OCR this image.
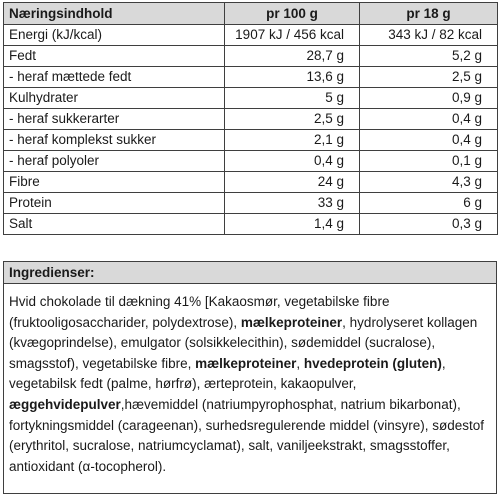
Næringsindhold	pr 100 g	pr 18 g
Energi (kJ/kcal)	1907 kJ / 456 kcal	343 kJ / 82 kcal
Fedt	28,7 g	5,2 g
- heraf mættede fedt	13,6 g	2,5 g
Kulhydrater	5 g	0,9 g
- heraf sukkerarter	2,5 g	0,4 g
- heraf komplekst sukker	2,1 g	0,4 g
- heraf polyoler	0,4 g	0,1 g
Fibre	24 g	4,3 g
Protein	33 g	6 g
Salt	1,4 g	0,3 g
Ingredienser:
Hvid chokolade til dækning 41% [Kakaosmør, vegetabilske fibre (fruktooligosaccharider, polydextrose), mælkeproteiner, hydrolyseret kollagen (kvægoprindelse), emulgator (solsikkelecithin), sødemiddel (sucralose), smagsstof), vegetabilske fibre, mælkeproteiner, hvedeprotein (gluten), vegetabilsk fedt (palme, hørfrø), ærteprotein, kakaopulver, æggehvidepulver,hævemiddel (natriumpyrophosphat, natrium bikarbonat), fortykningsmiddel (carageenan), surhedsregulerende middel (vinsyre), sødestof (erythritol, sucralose, natriumcyclamat), salt, vaniljeekstrakt, smagsstoffer, antioxidant (α-tocopherol).
